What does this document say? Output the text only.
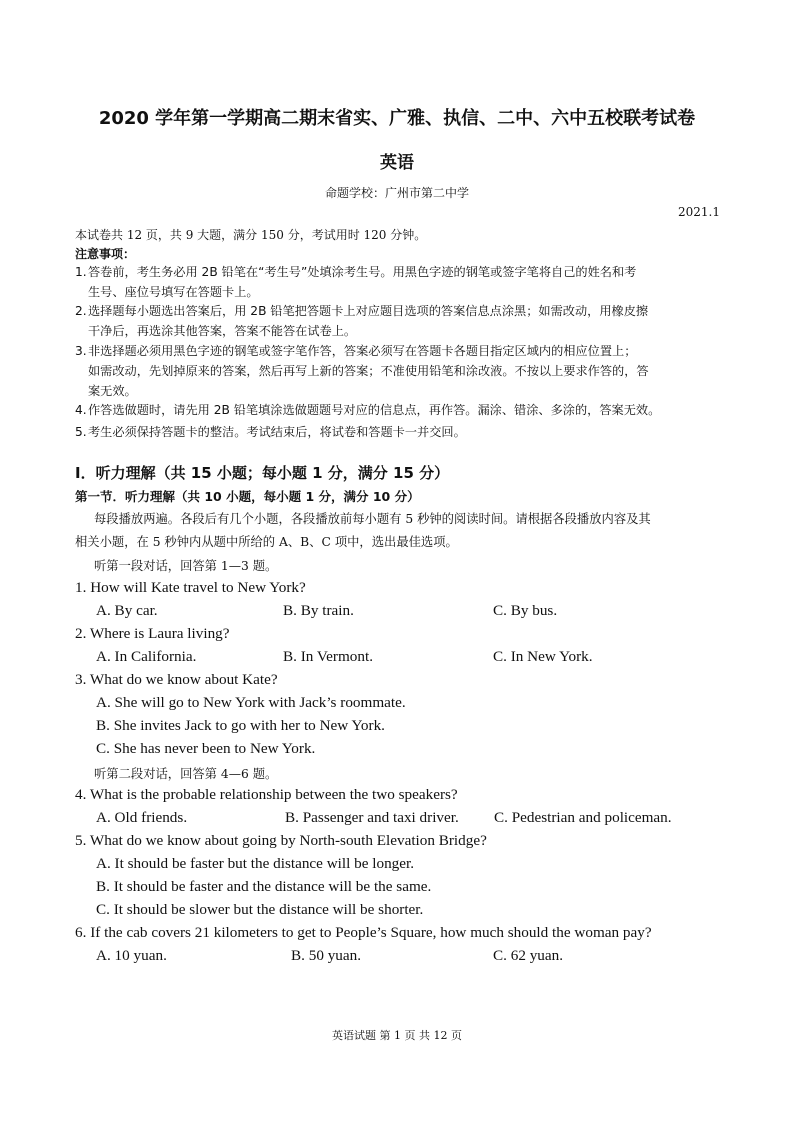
2020 学年第一学期高二期末省实、广雅、执信、二中、六中五校联考试卷
英语
命题学校：广州市第二中学
2021.1
本试卷共 12 页，共 9 大题，满分 150 分，考试用时 120 分钟。
注意事项：
1.答卷前，考生务必用 2B 铅笔在“考生号”处填涂考生号。用黑色字迹的钢笔或签字笔将自己的姓名和考
生号、座位号填写在答题卡上。
2.选择题每小题选出答案后，用 2B 铅笔把答题卡上对应题目选项的答案信息点涂黑；如需改动，用橡皮擦
干净后，再选涂其他答案，答案不能答在试卷上。
3.非选择题必须用黑色字迹的钢笔或签字笔作答，答案必须写在答题卡各题目指定区域内的相应位置上；
如需改动，先划掉原来的答案，然后再写上新的答案；不准使用铅笔和涂改液。不按以上要求作答的，答
案无效。
4.作答选做题时，请先用 2B 铅笔填涂选做题题号对应的信息点，再作答。漏涂、错涂、多涂的，答案无效。
5.考生必须保持答题卡的整洁。考试结束后，将试卷和答题卡一并交回。
I．听力理解（共 15 小题；每小题 1 分，满分 15 分）
第一节．听力理解（共 10 小题，每小题 1 分，满分 10 分）
每段播放两遍。各段后有几个小题，各段播放前每小题有 5 秒钟的阅读时间。请根据各段播放内容及其
相关小题，在 5 秒钟内从题中所给的 A、B、C 项中，选出最佳选项。
听第一段对话，回答第 1—3 题。
1. How will Kate travel to New York?
A. By car.	B. By train.	C. By bus.
2. Where is Laura living?
A. In California.	B. In Vermont.	C. In New York.
3. What do we know about Kate?
A. She will go to New York with Jack’s roommate.
B. She invites Jack to go with her to New York.
C. She has never been to New York.
听第二段对话，回答第 4—6 题。
4. What is the probable relationship between the two speakers?
A. Old friends.	B. Passenger and taxi driver. C. Pedestrian and policeman.
5. What do we know about going by North-south Elevation Bridge?
A. It should be faster but the distance will be longer.
B. It should be faster and the distance will be the same.
C. It should be slower but the distance will be shorter.
6. If the cab covers 21 kilometers to get to People’s Square, how much should the woman pay?
A. 10 yuan.	B. 50 yuan.	C. 62 yuan.
英语试题 第 1 页 共 12 页
